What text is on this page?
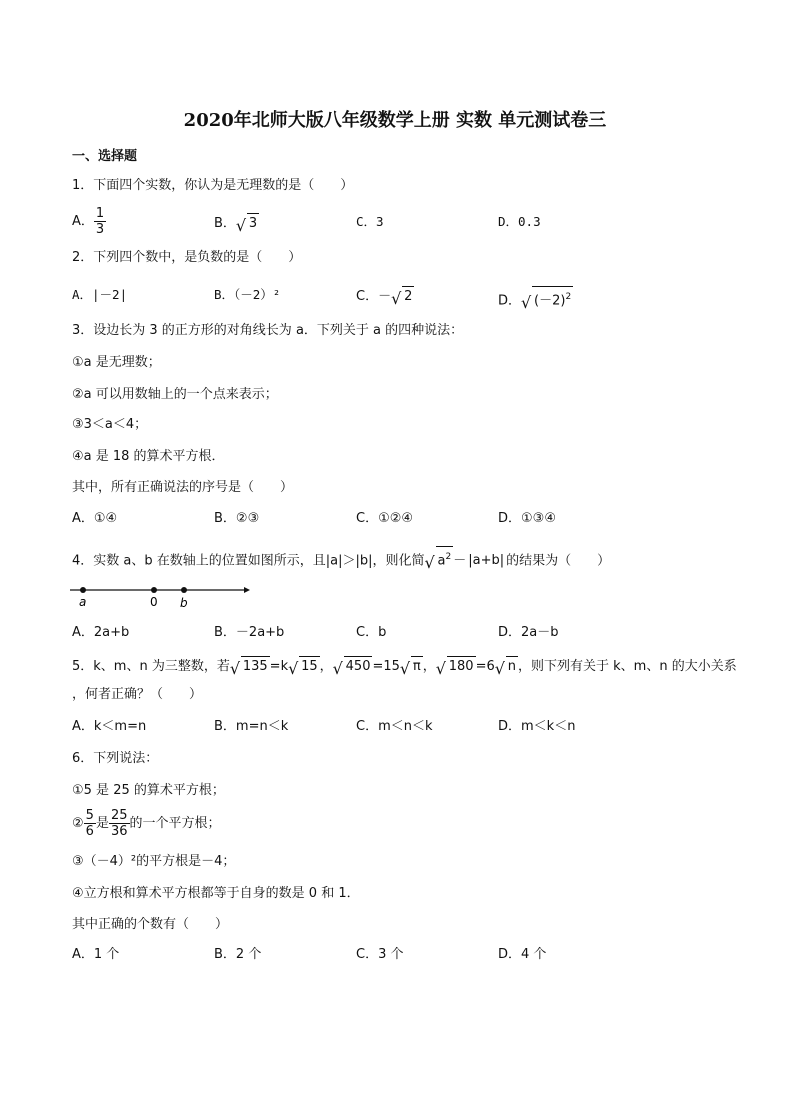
2020年北师大版八年级数学上册 实数 单元测试卷三
一、选择题
1．下面四个实数，你认为是无理数的是（　　）
A． $\frac{1}{3}$	B． √ 3	C．3	D．0.3
2．下列四个数中，是负数的是（　　）
A．|－2|	B．（－2）²	C．－ √ 2	D． √ $(-2)^2$
3．设边长为 3 的正方形的对角线长为 a．下列关于 a 的四种说法：
①a 是无理数；
②a 可以用数轴上的一个点来表示；
③3＜a＜4；
④a 是 18 的算术平方根．
其中，所有正确说法的序号是（　　）
A．①④	B．②③	C．①②④	D．①③④
4．实数 a、b 在数轴上的位置如图所示，且|a|＞|b|，则化简 √ $a^2 - |a+b|$ 的结果为（　　）
a	0 b
A．2a+b	B．－2a+b	C．b	D．2a－b
5．k、m、n 为三整数，若 √ 135 =k √ 15 ， √ 450 =15 √ π ， √ 180 =6 √ n ，则下列有关于 k、m、n 的大小关系
，何者正确？（　　）
A．k＜m=n	B．m=n＜k	C．m＜n＜k	D．m＜k＜n
6．下列说法：
①5 是 25 的算术平方根；
② $\frac{5}{6}$ 是 $\frac{25}{36}$ 的一个平方根；
③（－4）²的平方根是－4；
④立方根和算术平方根都等于自身的数是 0 和 1．
其中正确的个数有（　　）
A．1 个	B．2 个	C．3 个	D．4 个
